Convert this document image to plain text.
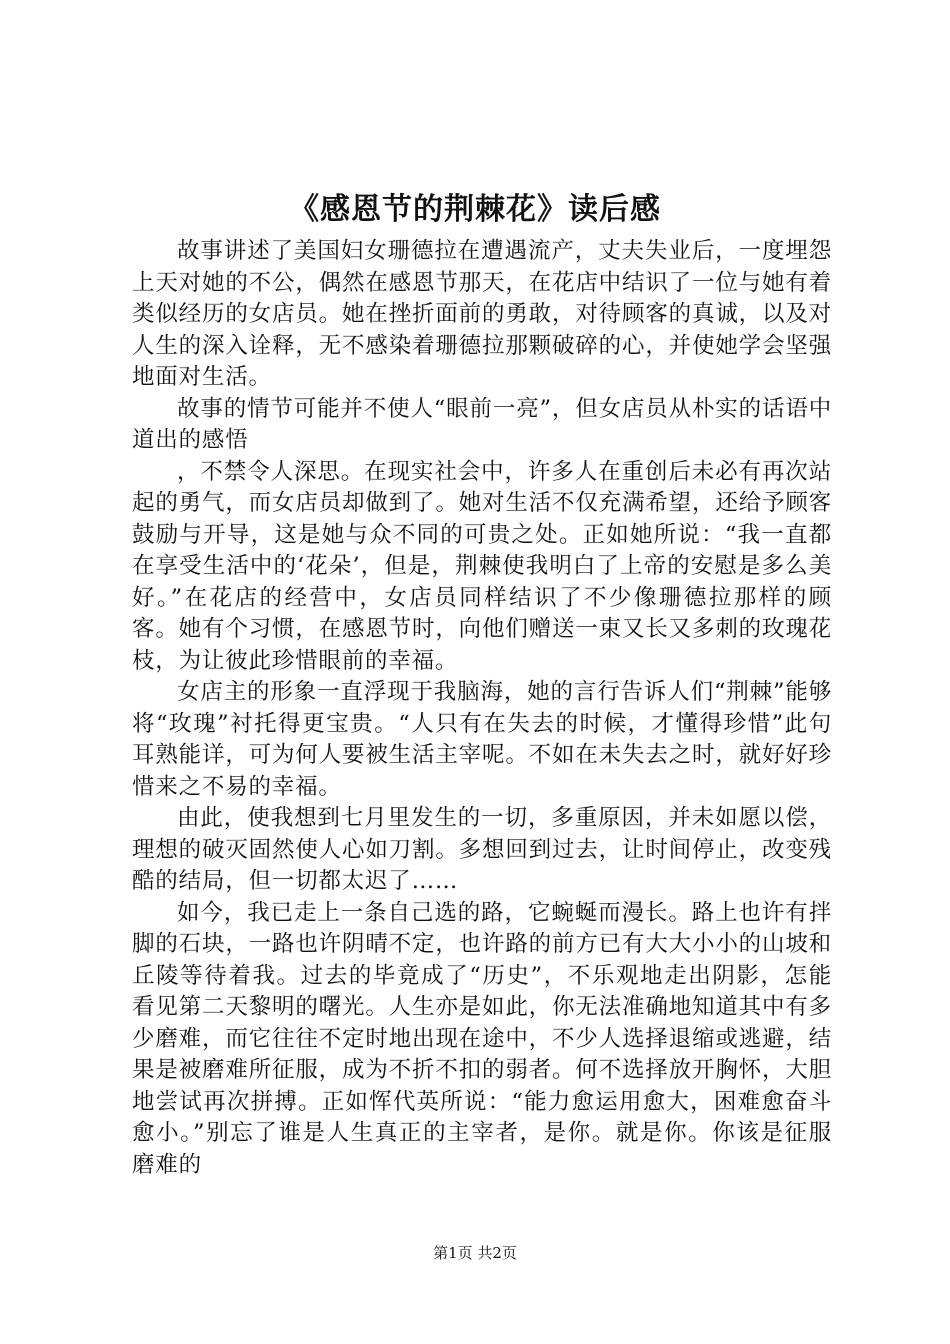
《感恩节的荆棘花》读后感

故事讲述了美国妇女珊德拉在遭遇流产，丈夫失业后，一度埋怨上天对她的不公，偶然在感恩节那天，在花店中结识了一位与她有着类似经历的女店员。她在挫折面前的勇敢，对待顾客的真诚，以及对人生的深入诠释，无不感染着珊德拉那颗破碎的心，并使她学会坚强地面对生活。

故事的情节可能并不使人“眼前一亮”，但女店员从朴实的话语中道出的感悟

，不禁令人深思。在现实社会中，许多人在重创后未必有再次站起的勇气，而女店员却做到了。她对生活不仅充满希望，还给予顾客鼓励与开导，这是她与众不同的可贵之处。正如她所说：“我一直都在享受生活中的‘花朵’，但是，荆棘使我明白了上帝的安慰是多么美好。”在花店的经营中，女店员同样结识了不少像珊德拉那样的顾客。她有个习惯，在感恩节时，向他们赠送一束又长又多刺的玫瑰花枝，为让彼此珍惜眼前的幸福。

女店主的形象一直浮现于我脑海，她的言行告诉人们“荆棘”能够将“玫瑰”衬托得更宝贵。“人只有在失去的时候，才懂得珍惜”此句耳熟能详，可为何人要被生活主宰呢。不如在未失去之时，就好好珍惜来之不易的幸福。

由此，使我想到七月里发生的一切，多重原因，并未如愿以偿，理想的破灭固然使人心如刀割。多想回到过去，让时间停止，改变残酷的结局，但一切都太迟了……

如今，我已走上一条自己选的路，它蜿蜒而漫长。路上也许有拌脚的石块，一路也许阴晴不定，也许路的前方已有大大小小的山坡和丘陵等待着我。过去的毕竟成了“历史”，不乐观地走出阴影，怎能看见第二天黎明的曙光。人生亦是如此，你无法准确地知道其中有多少磨难，而它往往不定时地出现在途中，不少人选择退缩或逃避，结果是被磨难所征服，成为不折不扣的弱者。何不选择放开胸怀，大胆地尝试再次拼搏。正如恽代英所说：“能力愈运用愈大，困难愈奋斗愈小。”别忘了谁是人生真正的主宰者，是你。就是你。你该是征服磨难的

第1页 共2页
